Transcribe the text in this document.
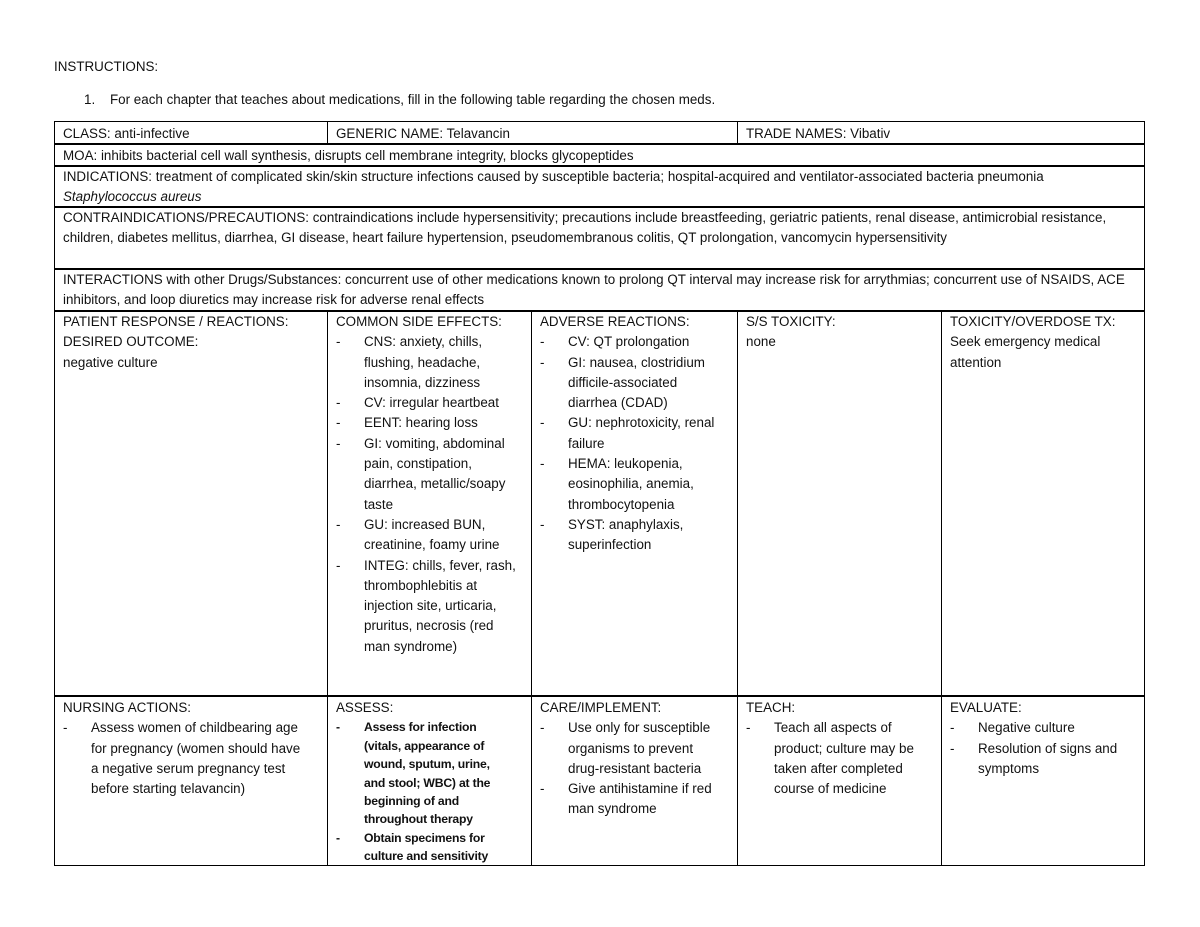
INSTRUCTIONS:
1. For each chapter that teaches about medications, fill in the following table regarding the chosen meds.
CLASS: anti-infective	GENERIC NAME: Telavancin	TRADE NAMES: Vibativ
MOA: inhibits bacterial cell wall synthesis, disrupts cell membrane integrity, blocks glycopeptides
INDICATIONS: treatment of complicated skin/skin structure infections caused by susceptible bacteria; hospital-acquired and ventilator-associated bacteria pneumonia Staphylococcus aureus
CONTRAINDICATIONS/PRECAUTIONS: contraindications include hypersensitivity; precautions include breastfeeding, geriatric patients, renal disease, antimicrobial resistance, children, diabetes mellitus, diarrhea, GI disease, heart failure hypertension, pseudomembranous colitis, QT prolongation, vancomycin hypersensitivity
INTERACTIONS with other Drugs/Substances: concurrent use of other medications known to prolong QT interval may increase risk for arrythmias; concurrent use of NSAIDS, ACE inhibitors, and loop diuretics may increase risk for adverse renal effects
PATIENT RESPONSE / REACTIONS:
DESIRED OUTCOME:
negative culture
COMMON SIDE EFFECTS:
- CNS: anxiety, chills, flushing, headache, insomnia, dizziness
- CV: irregular heartbeat
- EENT: hearing loss
- GI: vomiting, abdominal pain, constipation, diarrhea, metallic/soapy taste
- GU: increased BUN, creatinine, foamy urine
- INTEG: chills, fever, rash, thrombophlebitis at injection site, urticaria, pruritus, necrosis (red man syndrome)
ADVERSE REACTIONS:
- CV: QT prolongation
- GI: nausea, clostridium difficile-associated diarrhea (CDAD)
- GU: nephrotoxicity, renal failure
- HEMA: leukopenia, eosinophilia, anemia, thrombocytopenia
- SYST: anaphylaxis, superinfection
S/S TOXICITY:
none
TOXICITY/OVERDOSE TX:
Seek emergency medical attention
NURSING ACTIONS:
- Assess women of childbearing age for pregnancy (women should have a negative serum pregnancy test before starting telavancin)
ASSESS:
- Assess for infection (vitals, appearance of wound, sputum, urine, and stool; WBC) at the beginning of and throughout therapy
- Obtain specimens for culture and sensitivity
CARE/IMPLEMENT:
- Use only for susceptible organisms to prevent drug-resistant bacteria
- Give antihistamine if red man syndrome
TEACH:
- Teach all aspects of product; culture may be taken after completed course of medicine
EVALUATE:
- Negative culture
- Resolution of signs and symptoms
